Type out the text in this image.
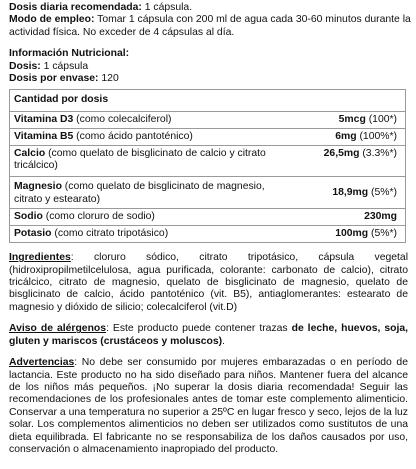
Dosis diaria recomendada: 1 cápsula.
Modo de empleo: Tomar 1 cápsula con 200 ml de agua cada 30-60 minutos durante la
actividad física. No exceder de 4 cápsulas al día.
Información Nutricional:
Dosis: 1 cápsula
Dosis por envase: 120
Cantidad por dosis	
Vitamina D3 (como colecalciferol)	5mcg (100*)
Vitamina B5 (como ácido pantoténico)	6mg (100%*)
Calcio (como quelato de bisglicinato de calcio y citrato tricálcico)	26,5mg (3.3%*)

Magnesio (como quelato de bisglicinato de magnesio, citrato y estearato)	18,9mg (5%*)
Sodio (como cloruro de sodio)	230mg
Potasio (como citrato tripotásico)	100mg (5%*)
Ingredientes: cloruro sódico, citrato tripotásico, cápsula vegetal (hidroxipropilmetilcelulosa, agua purificada, colorante: carbonato de calcio), citrato tricálcico, citrato de magnesio, quelato de bisglicinato de magnesio, quelato de bisglicinato de calcio, ácido pantoténico (vit. B5), antiaglomerantes: estearato de magnesio y dióxido de silicio; colecalciferol (vit.D)
Aviso de alérgenos: Este producto puede contener trazas de leche, huevos, soja, gluten y mariscos (crustáceos y moluscos).
Advertencias: No debe ser consumido por mujeres embarazadas o en período de lactancia. Este producto no ha sido diseñado para niños. Mantener fuera del alcance de los niños más pequeños. ¡No superar la dosis diaria recomendada! Seguir las recomendaciones de los profesionales antes de tomar este complemento alimenticio. Conservar a una temperatura no superior a 25ºC en lugar fresco y seco, lejos de la luz solar. Los complementos alimenticios no deben ser utilizados como sustitutos de una dieta equilibrada. El fabricante no se responsabiliza de los daños causados por uso, conservación o almacenamiento inapropiado del producto.
